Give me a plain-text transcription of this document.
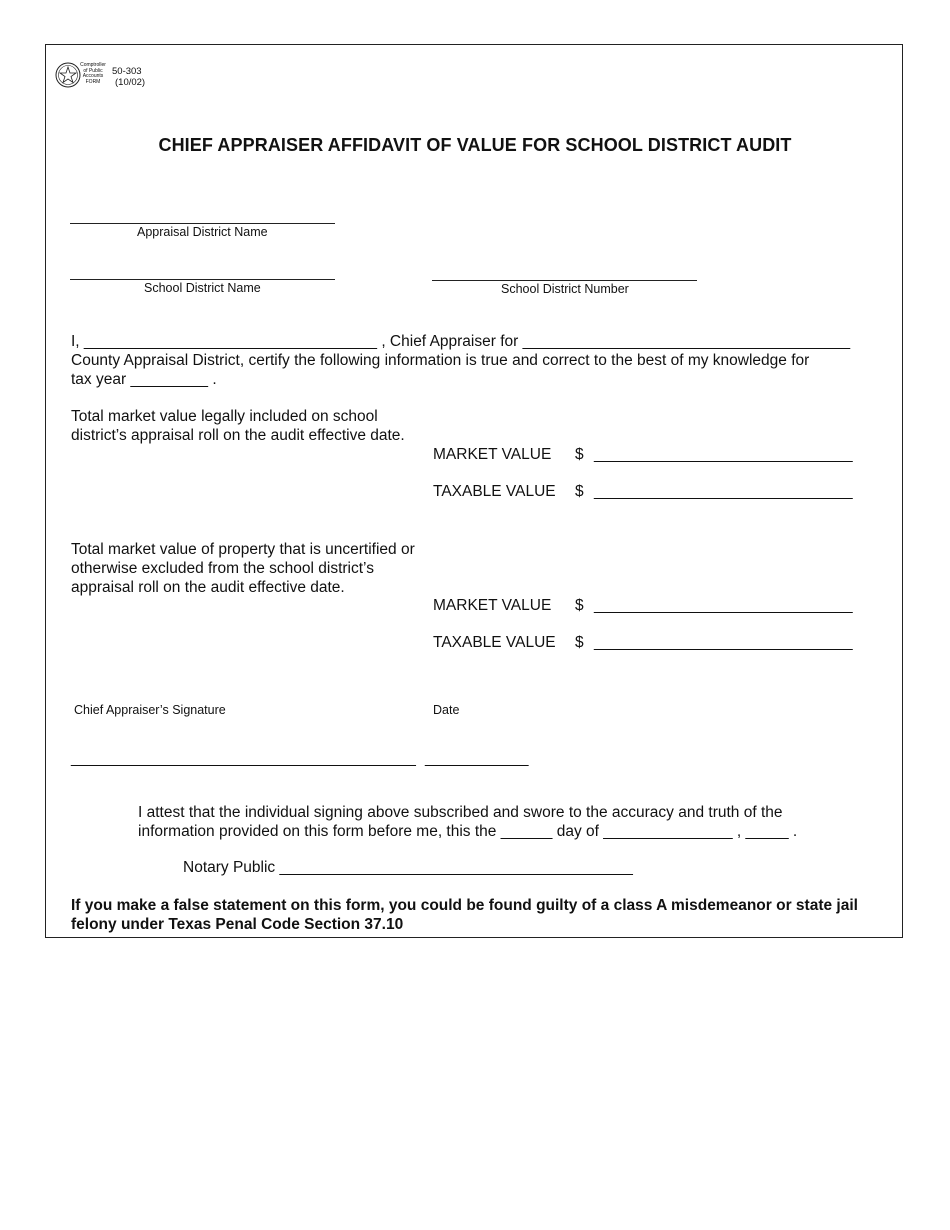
Comptroller
of Public
Accounts
FORM
50-303
(10/02)
CHIEF APPRAISER AFFIDAVIT OF VALUE FOR SCHOOL DISTRICT AUDIT
Appraisal District Name
School District Name	School District Number
I, __________________________________ , Chief Appraiser for ______________________________________
County Appraisal District, certify the following information is true and correct to the best of my knowledge for
tax year _________ .
Total market value legally included on school
district’s appraisal roll on the audit effective date.
MARKET VALUE $ ______________________________
TAXABLE VALUE $ ______________________________
Total market value of property that is uncertified or
otherwise excluded from the school district’s
appraisal roll on the audit effective date.
MARKET VALUE $ ______________________________
TAXABLE VALUE $ ______________________________
Chief Appraiser’s Signature	Date
________________________________________ ____________
I attest that the individual signing above subscribed and swore to the accuracy and truth of the
information provided on this form before me, this the ______ day of _______________ , _____ .
Notary Public _________________________________________
If you make a false statement on this form, you could be found guilty of a class A misdemeanor or state jail
felony under Texas Penal Code Section 37.10
